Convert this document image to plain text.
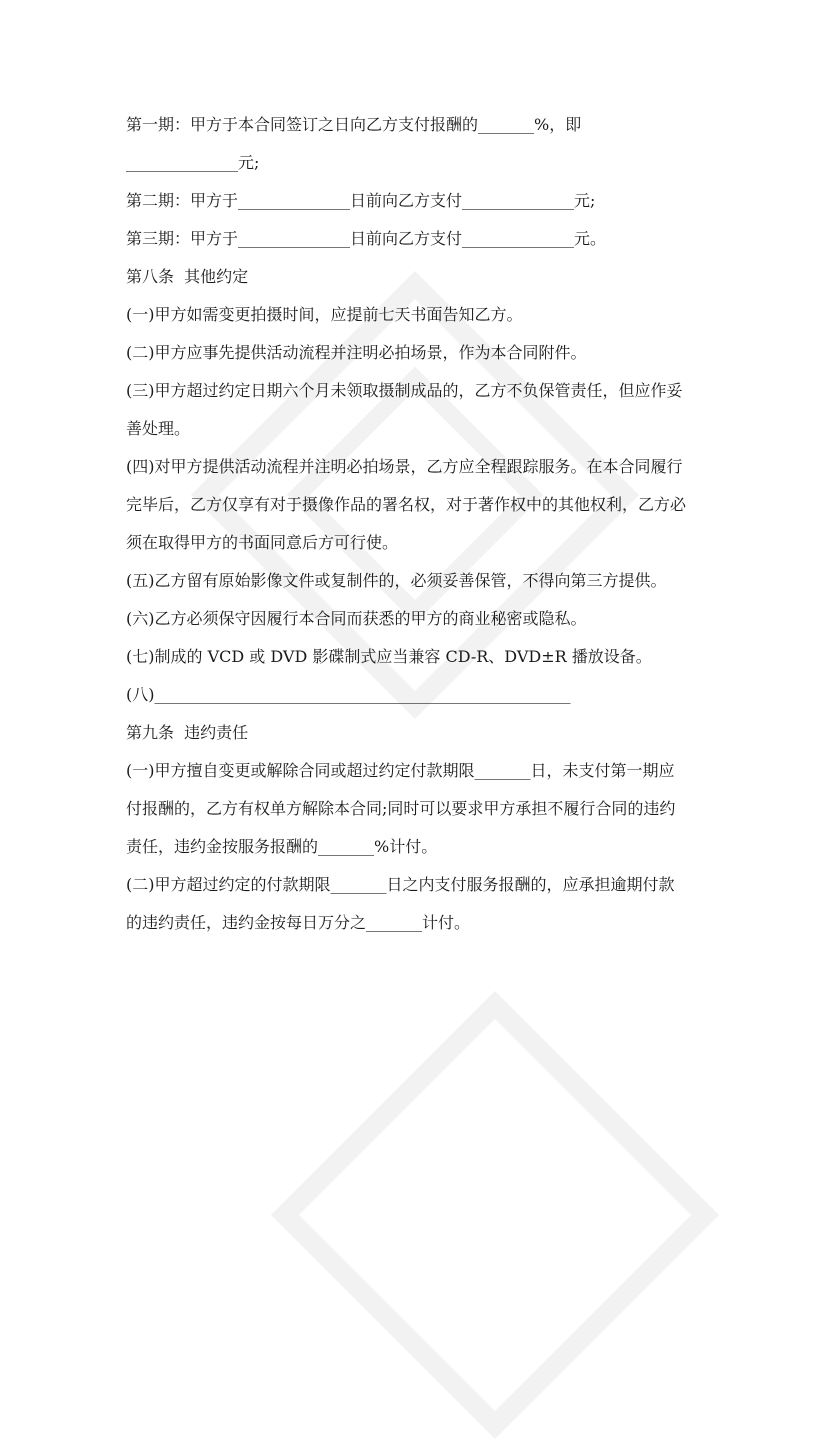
第一期：甲方于本合同签订之日向乙方支付报酬的_______%，即
______________元;
第二期：甲方于______________日前向乙方支付______________元;
第三期：甲方于______________日前向乙方支付______________元。
第八条  其他约定
(一)甲方如需变更拍摄时间，应提前七天书面告知乙方。
(二)甲方应事先提供活动流程并注明必拍场景，作为本合同附件。
(三)甲方超过约定日期六个月未领取摄制成品的，乙方不负保管责任，但应作妥
善处理。
(四)对甲方提供活动流程并注明必拍场景，乙方应全程跟踪服务。在本合同履行
完毕后，乙方仅享有对于摄像作品的署名权，对于著作权中的其他权利，乙方必
须在取得甲方的书面同意后方可行使。
(五)乙方留有原始影像文件或复制件的，必须妥善保管，不得向第三方提供。
(六)乙方必须保守因履行本合同而获悉的甲方的商业秘密或隐私。
(七)制成的 VCD 或 DVD 影碟制式应当兼容 CD-R、DVD±R 播放设备。
(八)____________________________________________________
第九条  违约责任
(一)甲方擅自变更或解除合同或超过约定付款期限_______日，未支付第一期应
付报酬的，乙方有权单方解除本合同;同时可以要求甲方承担不履行合同的违约
责任，违约金按服务报酬的_______%计付。
(二)甲方超过约定的付款期限_______日之内支付服务报酬的，应承担逾期付款
的违约责任，违约金按每日万分之_______计付。
